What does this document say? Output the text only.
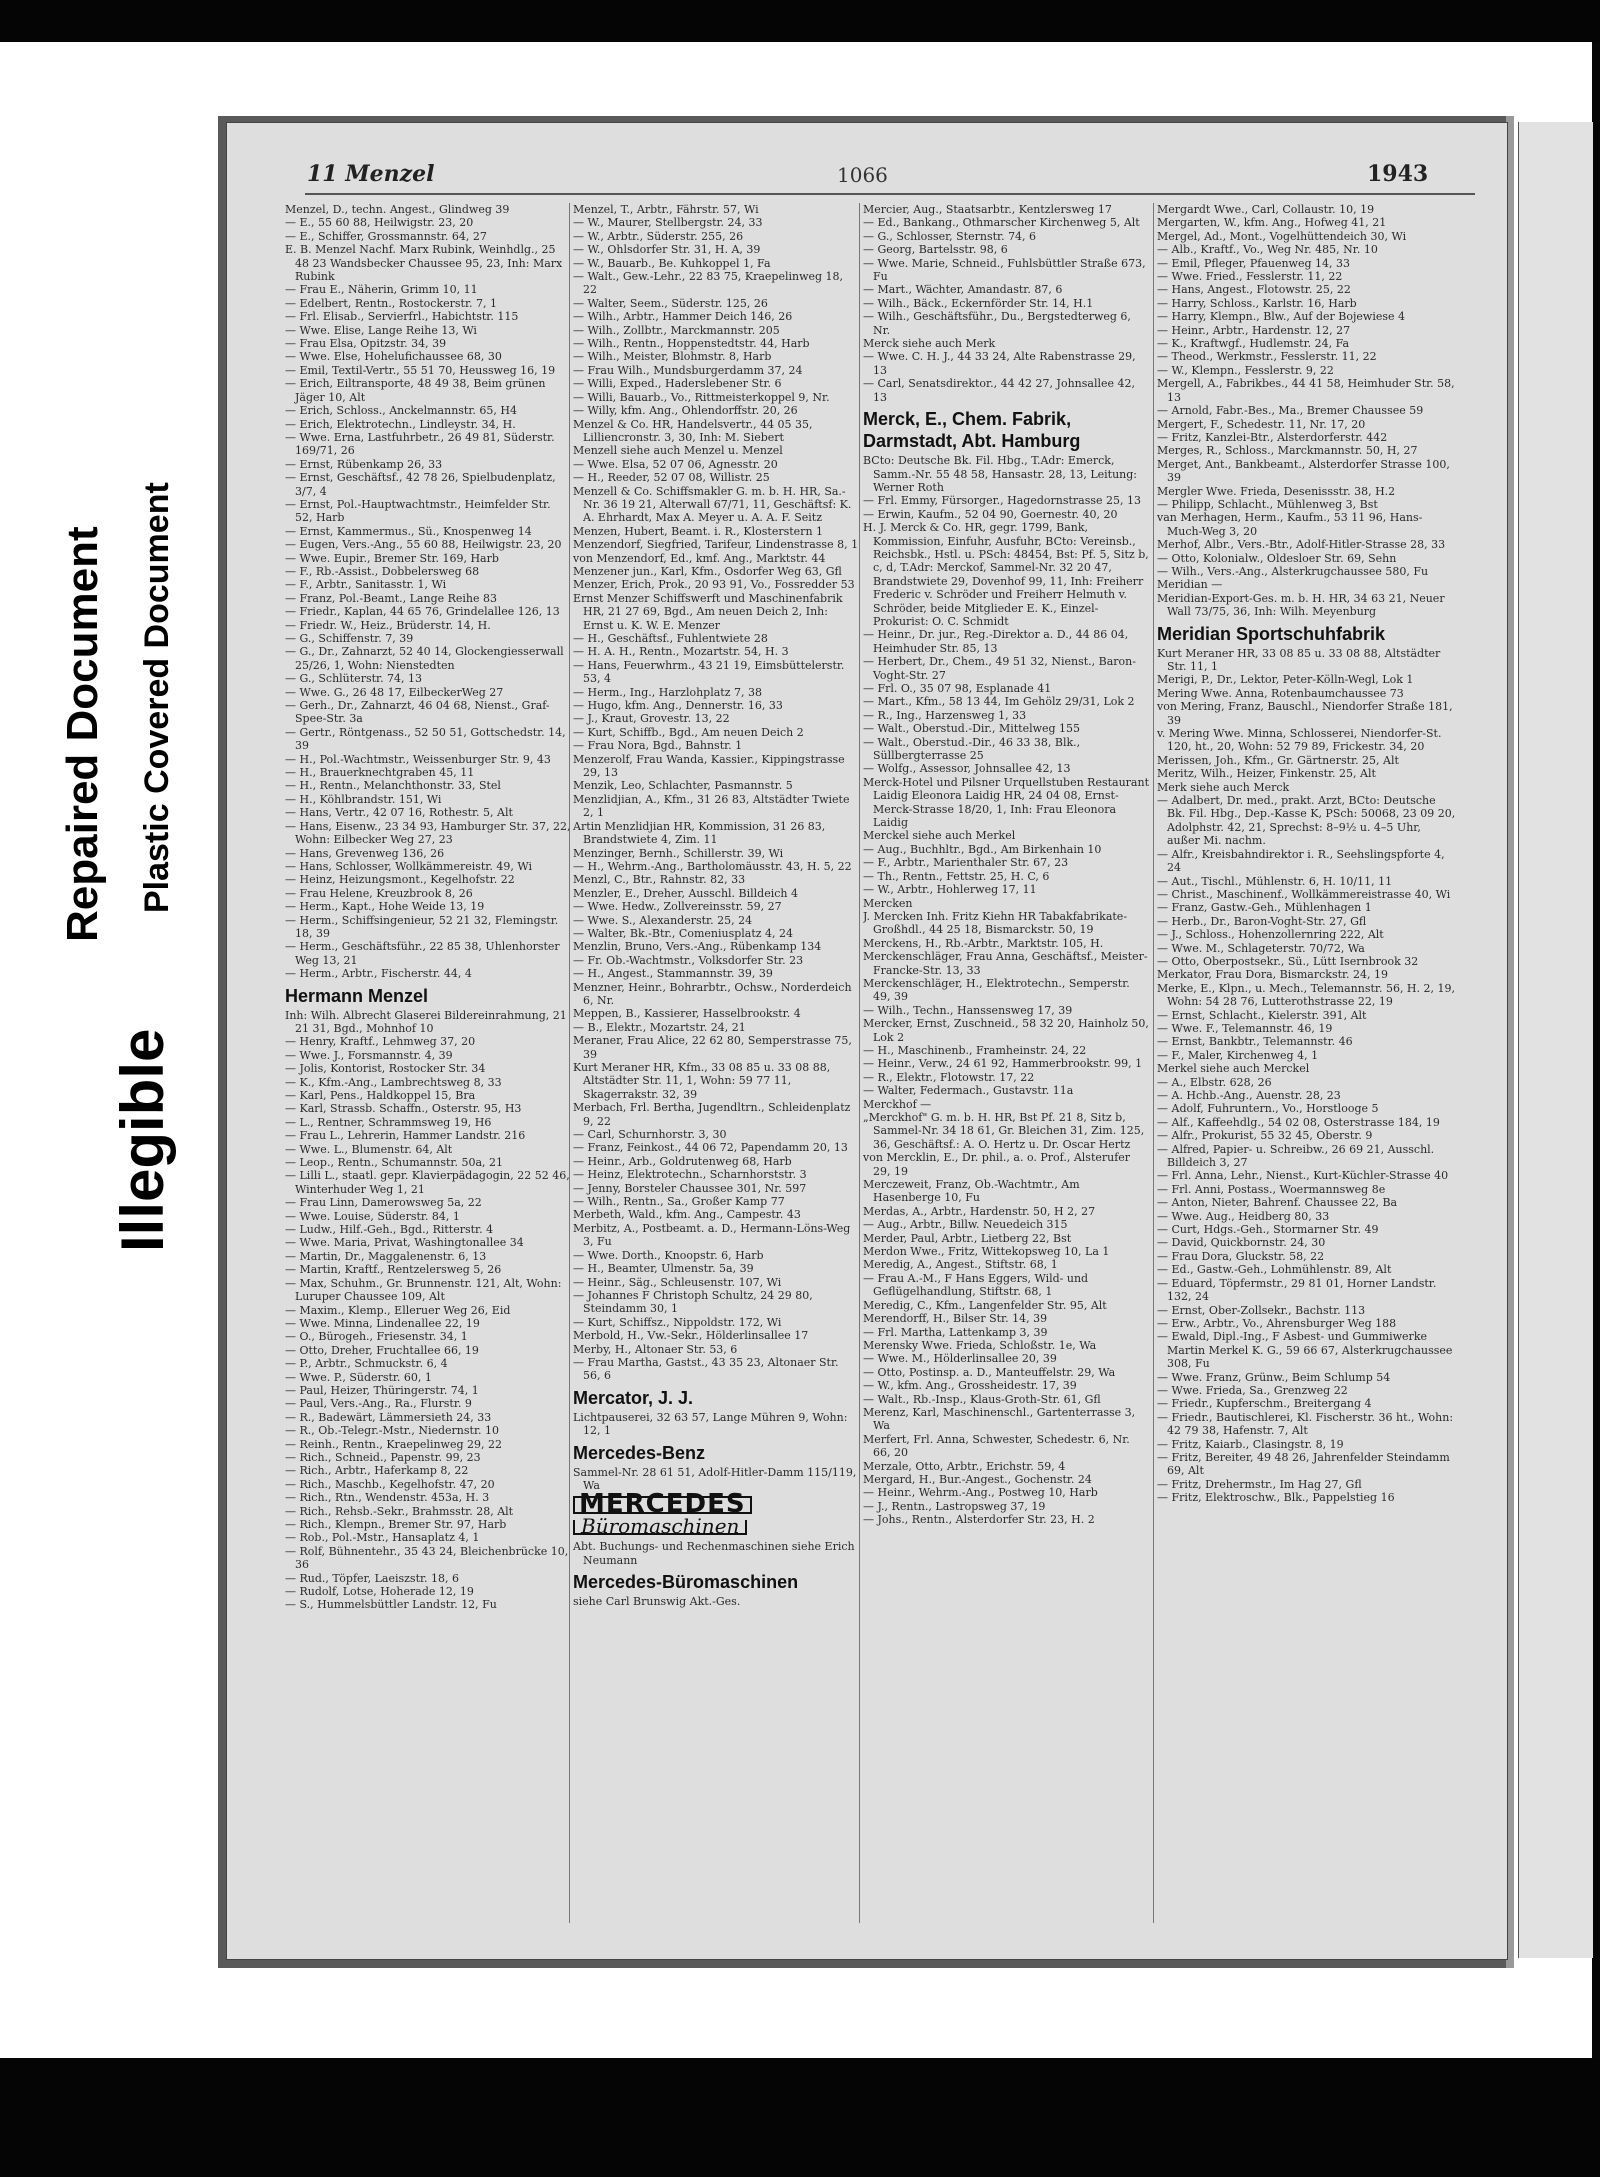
Repaired Document Plastic Covered Document
Illegible
11 Menzel	1066	1943

Menzel, D., techn. Angest., Glindweg 39

— E., 55 60 88, Heilwigstr. 23, 20

— E., Schiffer, Grossmannstr. 64, 27

E. B. Menzel Nachf. Marx Rubink, Weinhdlg., 25 48 23 Wandsbecker Chaussee 95, 23, Inh: Marx Rubink

— Frau E., Näherin, Grimm 10, 11

— Edelbert, Rentn., Rostockerstr. 7, 1

— Frl. Elisab., Servierfrl., Habichtstr. 115

— Wwe. Elise, Lange Reihe 13, Wi

— Frau Elsa, Opitzstr. 34, 39

— Wwe. Else, Hohelufichaussee 68, 30

— Emil, Textil-Vertr., 55 51 70, Heussweg 16, 19

— Erich, Eiltransporte, 48 49 38, Beim grünen Jäger 10, Alt

— Erich, Schloss., Anckelmannstr. 65, H4

— Erich, Elektrotechn., Lindleystr. 34, H.

— Wwe. Erna, Lastfuhrbetr., 26 49 81, Süderstr. 169/71, 26

— Ernst, Rübenkamp 26, 33

— Ernst, Geschäftsf., 42 78 26, Spielbudenplatz, 3/7, 4

— Ernst, Pol.-Hauptwachtmstr., Heimfelder Str. 52, Harb

— Ernst, Kammermus., Sü., Knospenweg 14

— Eugen, Vers.-Ang., 55 60 88, Heilwigstr. 23, 20

— Wwe. Eupir., Bremer Str. 169, Harb

— F., Rb.-Assist., Dobbelersweg 68

— F., Arbtr., Sanitasstr. 1, Wi

— Franz, Pol.-Beamt., Lange Reihe 83

— Friedr., Kaplan, 44 65 76, Grindelallee 126, 13

— Friedr. W., Heiz., Brüderstr. 14, H.

— G., Schiffenstr. 7, 39

— G., Dr., Zahnarzt, 52 40 14, Glockengiesserwall 25/26, 1, Wohn: Nienstedten

— G., Schlüterstr. 74, 13

— Wwe. G., 26 48 17, EilbeckerWeg 27

— Gerh., Dr., Zahnarzt, 46 04 68, Nienst., Graf-Spee-Str. 3a

— Gertr., Röntgenass., 52 50 51, Gottschedstr. 14, 39

— H., Pol.-Wachtmstr., Weissenburger Str. 9, 43

— H., Brauerknechtgraben 45, 11

— H., Rentn., Melanchthonstr. 33, Stel

— H., Köhlbrandstr. 151, Wi

— Hans, Vertr., 42 07 16, Rothestr. 5, Alt

— Hans, Eisenw., 23 34 93, Hamburger Str. 37, 22, Wohn: Eilbecker Weg 27, 23

— Hans, Grevenweg 136, 26

— Hans, Schlosser, Wollkämmereistr. 49, Wi

— Heinz, Heizungsmont., Kegelhofstr. 22

— Frau Helene, Kreuzbrook 8, 26

— Herm., Kapt., Hohe Weide 13, 19

— Herm., Schiffsingenieur, 52 21 32, Flemingstr. 18, 39

— Herm., Geschäftsführ., 22 85 38, Uhlenhorster Weg 13, 21

— Herm., Arbtr., Fischerstr. 44, 4

Hermann Menzel

Inh: Wilh. Albrecht Glaserei Bildereinrahmung, 21 21 31, Bgd., Mohnhof 10

— Henry, Kraftf., Lehmweg 37, 20

— Wwe. J., Forsmannstr. 4, 39

— Jolis, Kontorist, Rostocker Str. 34

— K., Kfm.-Ang., Lambrechtsweg 8, 33

— Karl, Pens., Haldkoppel 15, Bra

— Karl, Strassb. Schaffn., Osterstr. 95, H3

— L., Rentner, Schrammsweg 19, H6

— Frau L., Lehrerin, Hammer Landstr. 216

— Wwe. L., Blumenstr. 64, Alt

— Leop., Rentn., Schumannstr. 50a, 21

— Lilli L., staatl. gepr. Klavierpädagogin, 22 52 46, Winterhuder Weg 1, 21

— Frau Linn, Damerowsweg 5a, 22

— Wwe. Louise, Süderstr. 84, 1

— Ludw., Hilf.-Geh., Bgd., Ritterstr. 4

— Wwe. Maria, Privat, Washingtonallee 34

— Martin, Dr., Maggalenenstr. 6, 13

— Martin, Kraftf., Rentzelersweg 5, 26

— Max, Schuhm., Gr. Brunnenstr. 121, Alt, Wohn: Luruper Chaussee 109, Alt

— Maxim., Klemp., Elleruer Weg 26, Eid

— Wwe. Minna, Lindenallee 22, 19

— O., Bürogeh., Friesenstr. 34, 1

— Otto, Dreher, Fruchtallee 66, 19

— P., Arbtr., Schmuckstr. 6, 4

— Wwe. P., Süderstr. 60, 1

— Paul, Heizer, Thüringerstr. 74, 1

— Paul, Vers.-Ang., Ra., Flurstr. 9

— R., Badewärt, Lämmersieth 24, 33

— R., Ob.-Telegr.-Mstr., Niedernstr. 10

— Reinh., Rentn., Kraepelinweg 29, 22

— Rich., Schneid., Papenstr. 99, 23

— Rich., Arbtr., Haferkamp 8, 22

— Rich., Maschb., Kegelhofstr. 47, 20

— Rich., Rtn., Wendenstr. 453a, H. 3

— Rich., Rehsb.-Sekr., Brahmsstr. 28, Alt

— Rich., Klempn., Bremer Str. 97, Harb

— Rob., Pol.-Mstr., Hansaplatz 4, 1

— Rolf, Bühnentehr., 35 43 24, Bleichenbrücke 10, 36

— Rud., Töpfer, Laeiszstr. 18, 6

— Rudolf, Lotse, Hoherade 12, 19

— S., Hummelsbüttler Landstr. 12, Fu

Menzel, T., Arbtr., Fährstr. 57, Wi

— W., Maurer, Stellbergstr. 24, 33

— W., Arbtr., Süderstr. 255, 26

— W., Ohlsdorfer Str. 31, H. A, 39

— W., Bauarb., Be. Kuhkoppel 1, Fa

— Walt., Gew.-Lehr., 22 83 75, Kraepelinweg 18, 22

— Walter, Seem., Süderstr. 125, 26

— Wilh., Arbtr., Hammer Deich 146, 26

— Wilh., Zollbtr., Marckmannstr. 205

— Wilh., Rentn., Hoppenstedtstr. 44, Harb

— Wilh., Meister, Blohmstr. 8, Harb

— Frau Wilh., Mundsburgerdamm 37, 24

— Willi, Exped., Haderslebener Str. 6

— Willi, Bauarb., Vo., Rittmeisterkoppel 9, Nr.

— Willy, kfm. Ang., Ohlendorffstr. 20, 26

Menzel & Co. HR, Handelsvertr., 44 05 35, Lilliencronstr. 3, 30, Inh: M. Siebert

Menzell siehe auch Menzel u. Menzel

— Wwe. Elsa, 52 07 06, Agnesstr. 20

— H., Reeder, 52 07 08, Willistr. 25

Menzell & Co. Schiffsmakler G. m. b. H. HR, Sa.-Nr. 36 19 21, Alterwall 67/71, 11, Geschäftsf: K. A. Ehrhardt, Max A. Meyer u. A. A. F. Seitz

Menzen, Hubert, Beamt. i. R., Klosterstern 1

Menzendorf, Siegfried, Tarifeur, Lindenstrasse 8, 1

von Menzendorf, Ed., kmf. Ang., Marktstr. 44

Menzener jun., Karl, Kfm., Osdorfer Weg 63, Gfl

Menzer, Erich, Prok., 20 93 91, Vo., Fossredder 53

Ernst Menzer Schiffswerft und Maschinenfabrik HR, 21 27 69, Bgd., Am neuen Deich 2, Inh: Ernst u. K. W. E. Menzer

— H., Geschäftsf., Fuhlentwiete 28

— H. A. H., Rentn., Mozartstr. 54, H. 3

— Hans, Feuerwhrm., 43 21 19, Eimsbüttelerstr. 53, 4

— Herm., Ing., Harzlohplatz 7, 38

— Hugo, kfm. Ang., Dennerstr. 16, 33

— J., Kraut, Grovestr. 13, 22

— Kurt, Schiffb., Bgd., Am neuen Deich 2

— Frau Nora, Bgd., Bahnstr. 1

Menzerolf, Frau Wanda, Kassier., Kippingstrasse 29, 13

Menzik, Leo, Schlachter, Pasmannstr. 5

Menzlidjian, A., Kfm., 31 26 83, Altstädter Twiete 2, 1

Artin Menzlidjian HR, Kommission, 31 26 83, Brandstwiete 4, Zim. 11

Menzinger, Bernh., Schillerstr. 39, Wi

— H., Wehrm.-Ang., Bartholomäusstr. 43, H. 5, 22

Menzl, C., Btr., Rahnstr. 82, 33

Menzler, E., Dreher, Ausschl. Billdeich 4

— Wwe. Hedw., Zollvereinsstr. 59, 27

— Wwe. S., Alexanderstr. 25, 24

— Walter, Bk.-Btr., Comeniusplatz 4, 24

Menzlin, Bruno, Vers.-Ang., Rübenkamp 134

— Fr. Ob.-Wachtmstr., Volksdorfer Str. 23

— H., Angest., Stammannstr. 39, 39

Menzner, Heinr., Bohrarbtr., Ochsw., Norderdeich 6, Nr.

Meppen, B., Kassierer, Hasselbrookstr. 4

— B., Elektr., Mozartstr. 24, 21

Meraner, Frau Alice, 22 62 80, Semperstrasse 75, 39

Kurt Meraner HR, Kfm., 33 08 85 u. 33 08 88, Altstädter Str. 11, 1, Wohn: 59 77 11, Skagerrakstr. 32, 39

Merbach, Frl. Bertha, Jugendltrn., Schleidenplatz 9, 22

— Carl, Schurnhorstr. 3, 30

— Franz, Feinkost., 44 06 72, Papendamm 20, 13

— Heinr., Arb., Goldrutenweg 68, Harb

— Heinz, Elektrotechn., Scharnhorststr. 3

— Jenny, Borsteler Chaussee 301, Nr. 597

— Wilh., Rentn., Sa., Großer Kamp 77

Merbeth, Wald., kfm. Ang., Campestr. 43

Merbitz, A., Postbeamt. a. D., Hermann-Löns-Weg 3, Fu

— Wwe. Dorth., Knoopstr. 6, Harb

— H., Beamter, Ulmenstr. 5a, 39

— Heinr., Säg., Schleusenstr. 107, Wi

— Johannes F Christoph Schultz, 24 29 80, Steindamm 30, 1

— Kurt, Schiffsz., Nippoldstr. 172, Wi

Merbold, H., Vw.-Sekr., Hölderlinsallee 17

Merby, H., Altonaer Str. 53, 6

— Frau Martha, Gastst., 43 35 23, Altonaer Str. 56, 6

Mercator, J. J.

Lichtpauserei, 32 63 57, Lange Mühren 9, Wohn: 12, 1

Mercedes-Benz

Sammel-Nr. 28 61 51, Adolf-Hitler-Damm 115/119, Wa

MERCEDES
Büromaschinen

Abt. Buchungs- und Rechenmaschinen siehe Erich Neumann

Mercedes-Büromaschinen

siehe Carl Brunswig Akt.-Ges.

Mercier, Aug., Staatsarbtr., Kentzlersweg 17

— Ed., Bankang., Othmarscher Kirchenweg 5, Alt

— G., Schlosser, Sternstr. 74, 6

— Georg, Bartelsstr. 98, 6

— Wwe. Marie, Schneid., Fuhlsbüttler Straße 673, Fu

— Mart., Wächter, Amandastr. 87, 6

— Wilh., Bäck., Eckernförder Str. 14, H.1

— Wilh., Geschäftsführ., Du., Bergstedterweg 6, Nr.

Merck siehe auch Merk

— Wwe. C. H. J., 44 33 24, Alte Rabenstrasse 29, 13

— Carl, Senatsdirektor., 44 42 27, Johnsallee 42, 13

Merck, E., Chem. Fabrik, Darmstadt, Abt. Hamburg

BCto: Deutsche Bk. Fil. Hbg., T.Adr: Emerck, Samm.-Nr. 55 48 58, Hansastr. 28, 13, Leitung: Werner Roth

— Frl. Emmy, Fürsorger., Hagedornstrasse 25, 13

— Erwin, Kaufm., 52 04 90, Goernestr. 40, 20

H. J. Merck & Co. HR, gegr. 1799, Bank, Kommission, Einfuhr, Ausfuhr, BCto: Vereinsb., Reichsbk., Hstl. u. PSch: 48454, Bst: Pf. 5, Sitz b, c, d, T.Adr: Merckof, Sammel-Nr. 32 20 47, Brandstwiete 29, Dovenhof 99, 11, Inh: Freiherr Frederic v. Schröder und Freiherr Helmuth v. Schröder, beide Mitglieder E. K., Einzel-Prokurist: O. C. Schmidt

— Heinr., Dr. jur., Reg.-Direktor a. D., 44 86 04, Heimhuder Str. 85, 13

— Herbert, Dr., Chem., 49 51 32, Nienst., Baron-Voght-Str. 27

— Frl. O., 35 07 98, Esplanade 41

— Mart., Kfm., 58 13 44, Im Gehölz 29/31, Lok 2

— R., Ing., Harzensweg 1, 33

— Walt., Oberstud.-Dir., Mittelweg 155

— Walt., Oberstud.-Dir., 46 33 38, Blk., Süllbergterrasse 25

— Wolfg., Assessor, Johnsallee 42, 13

Merck-Hotel und Pilsner Urquellstuben Restaurant Laidig Eleonora Laidig HR, 24 04 08, Ernst-Merck-Strasse 18/20, 1, Inh: Frau Eleonora Laidig

Merckel siehe auch Merkel

— Aug., Buchhltr., Bgd., Am Birkenhain 10

— F., Arbtr., Marienthaler Str. 67, 23

— Th., Rentn., Fettstr. 25, H. C, 6

— W., Arbtr., Hohlerweg 17, 11

Mercken

J. Mercken Inh. Fritz Kiehn HR Tabakfabrikate-Großhdl., 44 25 18, Bismarckstr. 50, 19

Merckens, H., Rb.-Arbtr., Marktstr. 105, H.

Merckenschläger, Frau Anna, Geschäftsf., Meister-Francke-Str. 13, 33

Merckenschläger, H., Elektrotechn., Semperstr. 49, 39

— Wilh., Techn., Hanssensweg 17, 39

Mercker, Ernst, Zuschneid., 58 32 20, Hainholz 50, Lok 2

— H., Maschinenb., Framheinstr. 24, 22

— Heinr., Verw., 24 61 92, Hammerbrookstr. 99, 1

— R., Elektr., Flotowstr. 17, 22

— Walter, Federmach., Gustavstr. 11a

Merckhof —

„Merckhof" G. m. b. H. HR, Bst Pf. 21 8, Sitz b, Sammel-Nr. 34 18 61, Gr. Bleichen 31, Zim. 125, 36, Geschäftsf.: A. O. Hertz u. Dr. Oscar Hertz

von Mercklin, E., Dr. phil., a. o. Prof., Alsterufer 29, 19

Merczeweit, Franz, Ob.-Wachtmtr., Am Hasenberge 10, Fu

Merdas, A., Arbtr., Hardenstr. 50, H 2, 27

— Aug., Arbtr., Billw. Neuedeich 315

Merder, Paul, Arbtr., Lietberg 22, Bst

Merdon Wwe., Fritz, Wittekopsweg 10, La 1

Meredig, A., Angest., Stiftstr. 68, 1

— Frau A.-M., F Hans Eggers, Wild- und Geflügelhandlung, Stiftstr. 68, 1

Meredig, C., Kfm., Langenfelder Str. 95, Alt

Merendorff, H., Bilser Str. 14, 39

— Frl. Martha, Lattenkamp 3, 39

Merensky Wwe. Frieda, Schloßstr. 1e, Wa

— Wwe. M., Hölderlinsallee 20, 39

— Otto, Postinsp. a. D., Manteuffelstr. 29, Wa

— W., kfm. Ang., Grossheidestr. 17, 39

— Walt., Rb.-Insp., Klaus-Groth-Str. 61, Gfl

Merenz, Karl, Maschinenschl., Gartenterrasse 3, Wa

Merfert, Frl. Anna, Schwester, Schedestr. 6, Nr. 66, 20

Merzale, Otto, Arbtr., Erichstr. 59, 4

Mergard, H., Bur.-Angest., Gochenstr. 24

— Heinr., Wehrm.-Ang., Postweg 10, Harb

— J., Rentn., Lastropsweg 37, 19

— Johs., Rentn., Alsterdorfer Str. 23, H. 2

Mergardt Wwe., Carl, Collaustr. 10, 19

Mergarten, W., kfm. Ang., Hofweg 41, 21

Mergel, Ad., Mont., Vogelhüttendeich 30, Wi

— Alb., Kraftf., Vo., Weg Nr. 485, Nr. 10

— Emil, Pfleger, Pfauenweg 14, 33

— Wwe. Fried., Fesslerstr. 11, 22

— Hans, Angest., Flotowstr. 25, 22

— Harry, Schloss., Karlstr. 16, Harb

— Harry, Klempn., Blw., Auf der Bojewiese 4

— Heinr., Arbtr., Hardenstr. 12, 27

— K., Kraftwgf., Hudlemstr. 24, Fa

— Theod., Werkmstr., Fesslerstr. 11, 22

— W., Klempn., Fesslerstr. 9, 22

Mergell, A., Fabrikbes., 44 41 58, Heimhuder Str. 58, 13

— Arnold, Fabr.-Bes., Ma., Bremer Chaussee 59

Mergert, F., Schedestr. 11, Nr. 17, 20

— Fritz, Kanzlei-Btr., Alsterdorferstr. 442

Merges, R., Schloss., Marckmannstr. 50, H, 27

Merget, Ant., Bankbeamt., Alsterdorfer Strasse 100, 39

Mergler Wwe. Frieda, Desenissstr. 38, H.2

— Philipp, Schlacht., Mühlenweg 3, Bst

van Merhagen, Herm., Kaufm., 53 11 96, Hans-Much-Weg 3, 20

Merhof, Albr., Vers.-Btr., Adolf-Hitler-Strasse 28, 33

— Otto, Kolonialw., Oldesloer Str. 69, Sehn

— Wilh., Vers.-Ang., Alsterkrugchaussee 580, Fu

Meridian —

Meridian-Export-Ges. m. b. H. HR, 34 63 21, Neuer Wall 73/75, 36, Inh: Wilh. Meyenburg

Meridian Sportschuhfabrik

Kurt Meraner HR, 33 08 85 u. 33 08 88, Altstädter Str. 11, 1

Merigi, P., Dr., Lektor, Peter-Kölln-Wegl, Lok 1

Mering Wwe. Anna, Rotenbaumchaussee 73

von Mering, Franz, Bauschl., Niendorfer Straße 181, 39

v. Mering Wwe. Minna, Schlosserei, Niendorfer-St. 120, ht., 20, Wohn: 52 79 89, Frickestr. 34, 20

Merissen, Joh., Kfm., Gr. Gärtnerstr. 25, Alt

Meritz, Wilh., Heizer, Finkenstr. 25, Alt

Merk siehe auch Merck

— Adalbert, Dr. med., prakt. Arzt, BCto: Deutsche Bk. Fil. Hbg., Dep.-Kasse K, PSch: 50068, 23 09 20, Adolphstr. 42, 21, Sprechst: 8–9½ u. 4–5 Uhr, außer Mi. nachm.

— Alfr., Kreisbahndirektor i. R., Seehslingspforte 4, 24

— Aut., Tischl., Mühlenstr. 6, H. 10/11, 11

— Christ., Maschinenf., Wollkämmereistrasse 40, Wi

— Franz, Gastw.-Geh., Mühlenhagen 1

— Herb., Dr., Baron-Voght-Str. 27, Gfl

— J., Schloss., Hohenzollernring 222, Alt

— Wwe. M., Schlageterstr. 70/72, Wa

— Otto, Oberpostsekr., Sü., Lütt Isernbrook 32

Merkator, Frau Dora, Bismarckstr. 24, 19

Merke, E., Klpn., u. Mech., Telemannstr. 56, H. 2, 19, Wohn: 54 28 76, Lutterothstrasse 22, 19

— Ernst, Schlacht., Kielerstr. 391, Alt

— Wwe. F., Telemannstr. 46, 19

— Ernst, Bankbtr., Telemannstr. 46

— F., Maler, Kirchenweg 4, 1

Merkel siehe auch Merckel

— A., Elbstr. 628, 26

— A. Hchb.-Ang., Auenstr. 28, 23

— Adolf, Fuhruntern., Vo., Horstlooge 5

— Alf., Kaffeehdlg., 54 02 08, Osterstrasse 184, 19

— Alfr., Prokurist, 55 32 45, Oberstr. 9

— Alfred, Papier- u. Schreibw., 26 69 21, Ausschl. Billdeich 3, 27

— Frl. Anna, Lehr., Nienst., Kurt-Küchler-Strasse 40

— Frl. Anni, Postass., Woermannsweg 8e

— Anton, Nieter, Bahrenf. Chaussee 22, Ba

— Wwe. Aug., Heidberg 80, 33

— Curt, Hdgs.-Geh., Stormarner Str. 49

— David, Quickbornstr. 24, 30

— Frau Dora, Gluckstr. 58, 22

— Ed., Gastw.-Geh., Lohmühlenstr. 89, Alt

— Eduard, Töpfermstr., 29 81 01, Horner Landstr. 132, 24

— Ernst, Ober-Zollsekr., Bachstr. 113

— Erw., Arbtr., Vo., Ahrensburger Weg 188

— Ewald, Dipl.-Ing., F Asbest- und Gummiwerke Martin Merkel K. G., 59 66 67, Alsterkrugchaussee 308, Fu

— Wwe. Franz, Grünw., Beim Schlump 54

— Wwe. Frieda, Sa., Grenzweg 22

— Friedr., Kupferschm., Breitergang 4

— Friedr., Bautischlerei, Kl. Fischerstr. 36 ht., Wohn: 42 79 38, Hafenstr. 7, Alt

— Fritz, Kaiarb., Clasingstr. 8, 19

— Fritz, Bereiter, 49 48 26, Jahrenfelder Steindamm 69, Alt

— Fritz, Drehermstr., Im Hag 27, Gfl

— Fritz, Elektroschw., Blk., Pappelstieg 16
